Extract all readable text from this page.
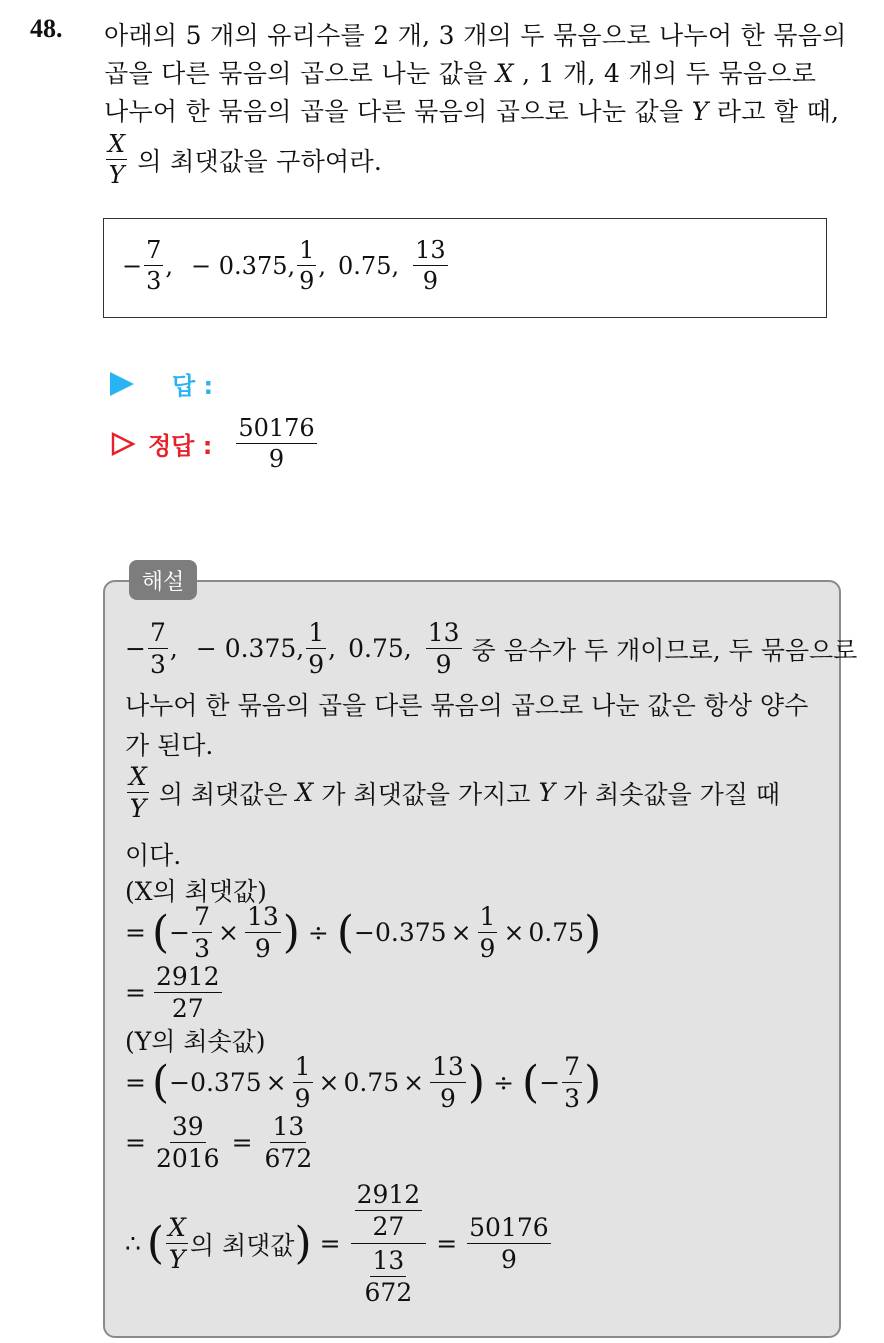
48. 아래의 5 개의 유리수를 2 개, 3 개의 두 묶음으로 나누어 한 묶음의
곱을 다른 묶음의 곱으로 나눈 값을 X , 1 개, 4 개의 두 묶음으로
나누어 한 묶음의 곱을 다른 묶음의 곱으로 나눈 값을 Y 라고 할 때,
$\frac{X}{Y}$ 의 최댓값을 구하여라.
− $\frac{7}{3}$ , − 0.375, $\frac{1}{9}$ , 0.75, $\frac{13}{9}$
답 :
정답 : $\frac{50176}{9}$
해설
− $\frac{7}{3}$ , − 0.375, $\frac{1}{9}$ , 0.75, $\frac{13}{9}$ 중 음수가 두 개이므로, 두 묶음으로
나누어 한 묶음의 곱을 다른 묶음의 곱으로 나눈 값은 항상 양수
가 된다.
$\frac{X}{Y}$ 의 최댓값은 X 가 최댓값을 가지고 Y 가 최솟값을 가질 때
이다.
(X의 최댓값)
= ( − $\frac{7}{3} \times \frac{13}{9}$ ) ÷ ( $-0.375 \times \frac{1}{9} \times 0.75$ )
= $\frac{2912}{27}$
(Y의 최솟값)
= ( $-0.375 \times \frac{1}{9} \times 0.75 \times \frac{13}{9}$ ) ÷ ( − $\frac{7}{3}$ )
= $\frac{39}{2016} = \frac{13}{672}$
∴ ( $\frac{X}{Y}$ 의 최댓값 ) = $\frac{\frac{2912}{27}}{\frac{13}{672}} = \frac{50176}{9}$
